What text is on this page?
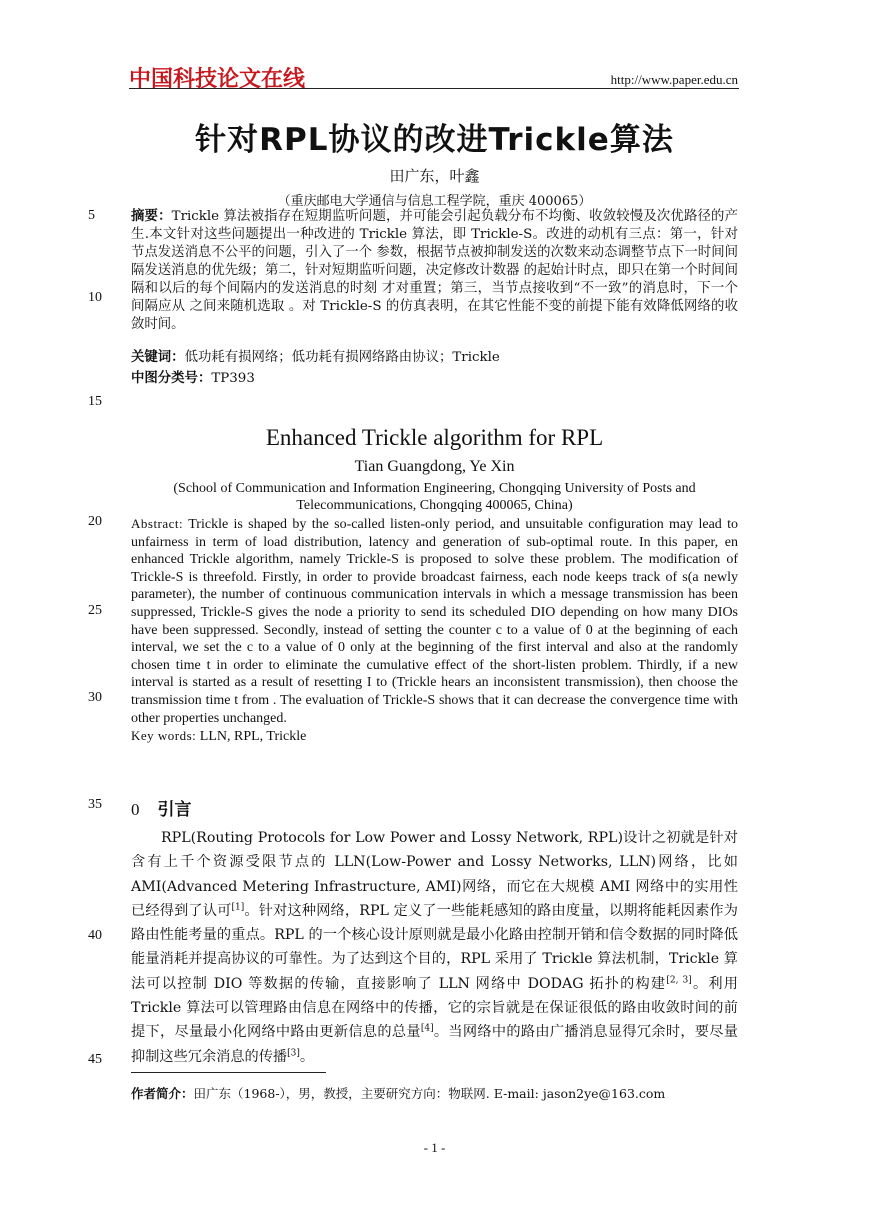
中国科技论文在线	http://www.paper.edu.cn
针对RPL协议的改进Trickle算法
田广东，叶鑫
（重庆邮电大学通信与信息工程学院，重庆 400065）
5
10
15
20
25
30
35
40
45
摘要：Trickle 算法被指存在短期监听问题，并可能会引起负载分布不均衡、收敛较慢及次优路径的产生.本文针对这些问题提出一种改进的 Trickle 算法，即 Trickle-S。改进的动机有三点：第一，针对节点发送消息不公平的问题，引入了一个 参数，根据节点被抑制发送的次数来动态调整节点下一时间间隔发送消息的优先级；第二，针对短期监听问题，决定修改计数器 的起始计时点，即只在第一个时间间隔和以后的每个间隔内的发送消息的时刻 才对重置；第三，当节点接收到“不一致”的消息时，下一个间隔应从 之间来随机选取 。对 Trickle-S 的仿真表明，在其它性能不变的前提下能有效降低网络的收敛时间。
关键词：低功耗有损网络；低功耗有损网络路由协议；Trickle
中图分类号：TP393
Enhanced Trickle algorithm for RPL
Tian Guangdong, Ye Xin
(School of Communication and Information Engineering, Chongqing University of Posts and Telecommunications, Chongqing 400065, China)
Abstract: Trickle is shaped by the so-called listen-only period, and unsuitable configuration may lead to unfairness in term of load distribution, latency and generation of sub-optimal route. In this paper, en enhanced Trickle algorithm, namely Trickle-S is proposed to solve these problem. The modification of Trickle-S is threefold. Firstly, in order to provide broadcast fairness, each node keeps track of s(a newly parameter), the number of continuous communication intervals in which a message transmission has been suppressed, Trickle-S gives the node a priority to send its scheduled DIO depending on how many DIOs have been suppressed. Secondly, instead of setting the counter c to a value of 0 at the beginning of each interval, we set the c to a value of 0 only at the beginning of the first interval and also at the randomly chosen time t in order to eliminate the cumulative effect of the short-listen problem. Thirdly, if a new interval is started as a result of resetting I to (Trickle hears an inconsistent transmission), then choose the transmission time t from . The evaluation of Trickle-S shows that it can decrease the convergence time with other properties unchanged.
Key words: LLN, RPL, Trickle
0 引言
RPL(Routing Protocols for Low Power and Lossy Network, RPL)设计之初就是针对含有上千个资源受限节点的 LLN(Low-Power and Lossy Networks, LLN)网络，比如 AMI(Advanced Metering Infrastructure, AMI)网络，而它在大规模 AMI 网络中的实用性已经得到了认可[1]。针对这种网络，RPL 定义了一些能耗感知的路由度量，以期将能耗因素作为路由性能考量的重点。RPL 的一个核心设计原则就是最小化路由控制开销和信令数据的同时降低能量消耗并提高协议的可靠性。为了达到这个目的，RPL 采用了 Trickle 算法机制，Trickle 算法可以控制 DIO 等数据的传输，直接影响了 LLN 网络中 DODAG 拓扑的构建[2, 3]。利用 Trickle 算法可以管理路由信息在网络中的传播，它的宗旨就是在保证很低的路由收敛时间的前提下，尽量最小化网络中路由更新信息的总量[4]。当网络中的路由广播消息显得冗余时，要尽量抑制这些冗余消息的传播[3]。
作者简介：田广东（1968-），男，教授，主要研究方向：物联网. E-mail: jason2ye@163.com
- 1 -
